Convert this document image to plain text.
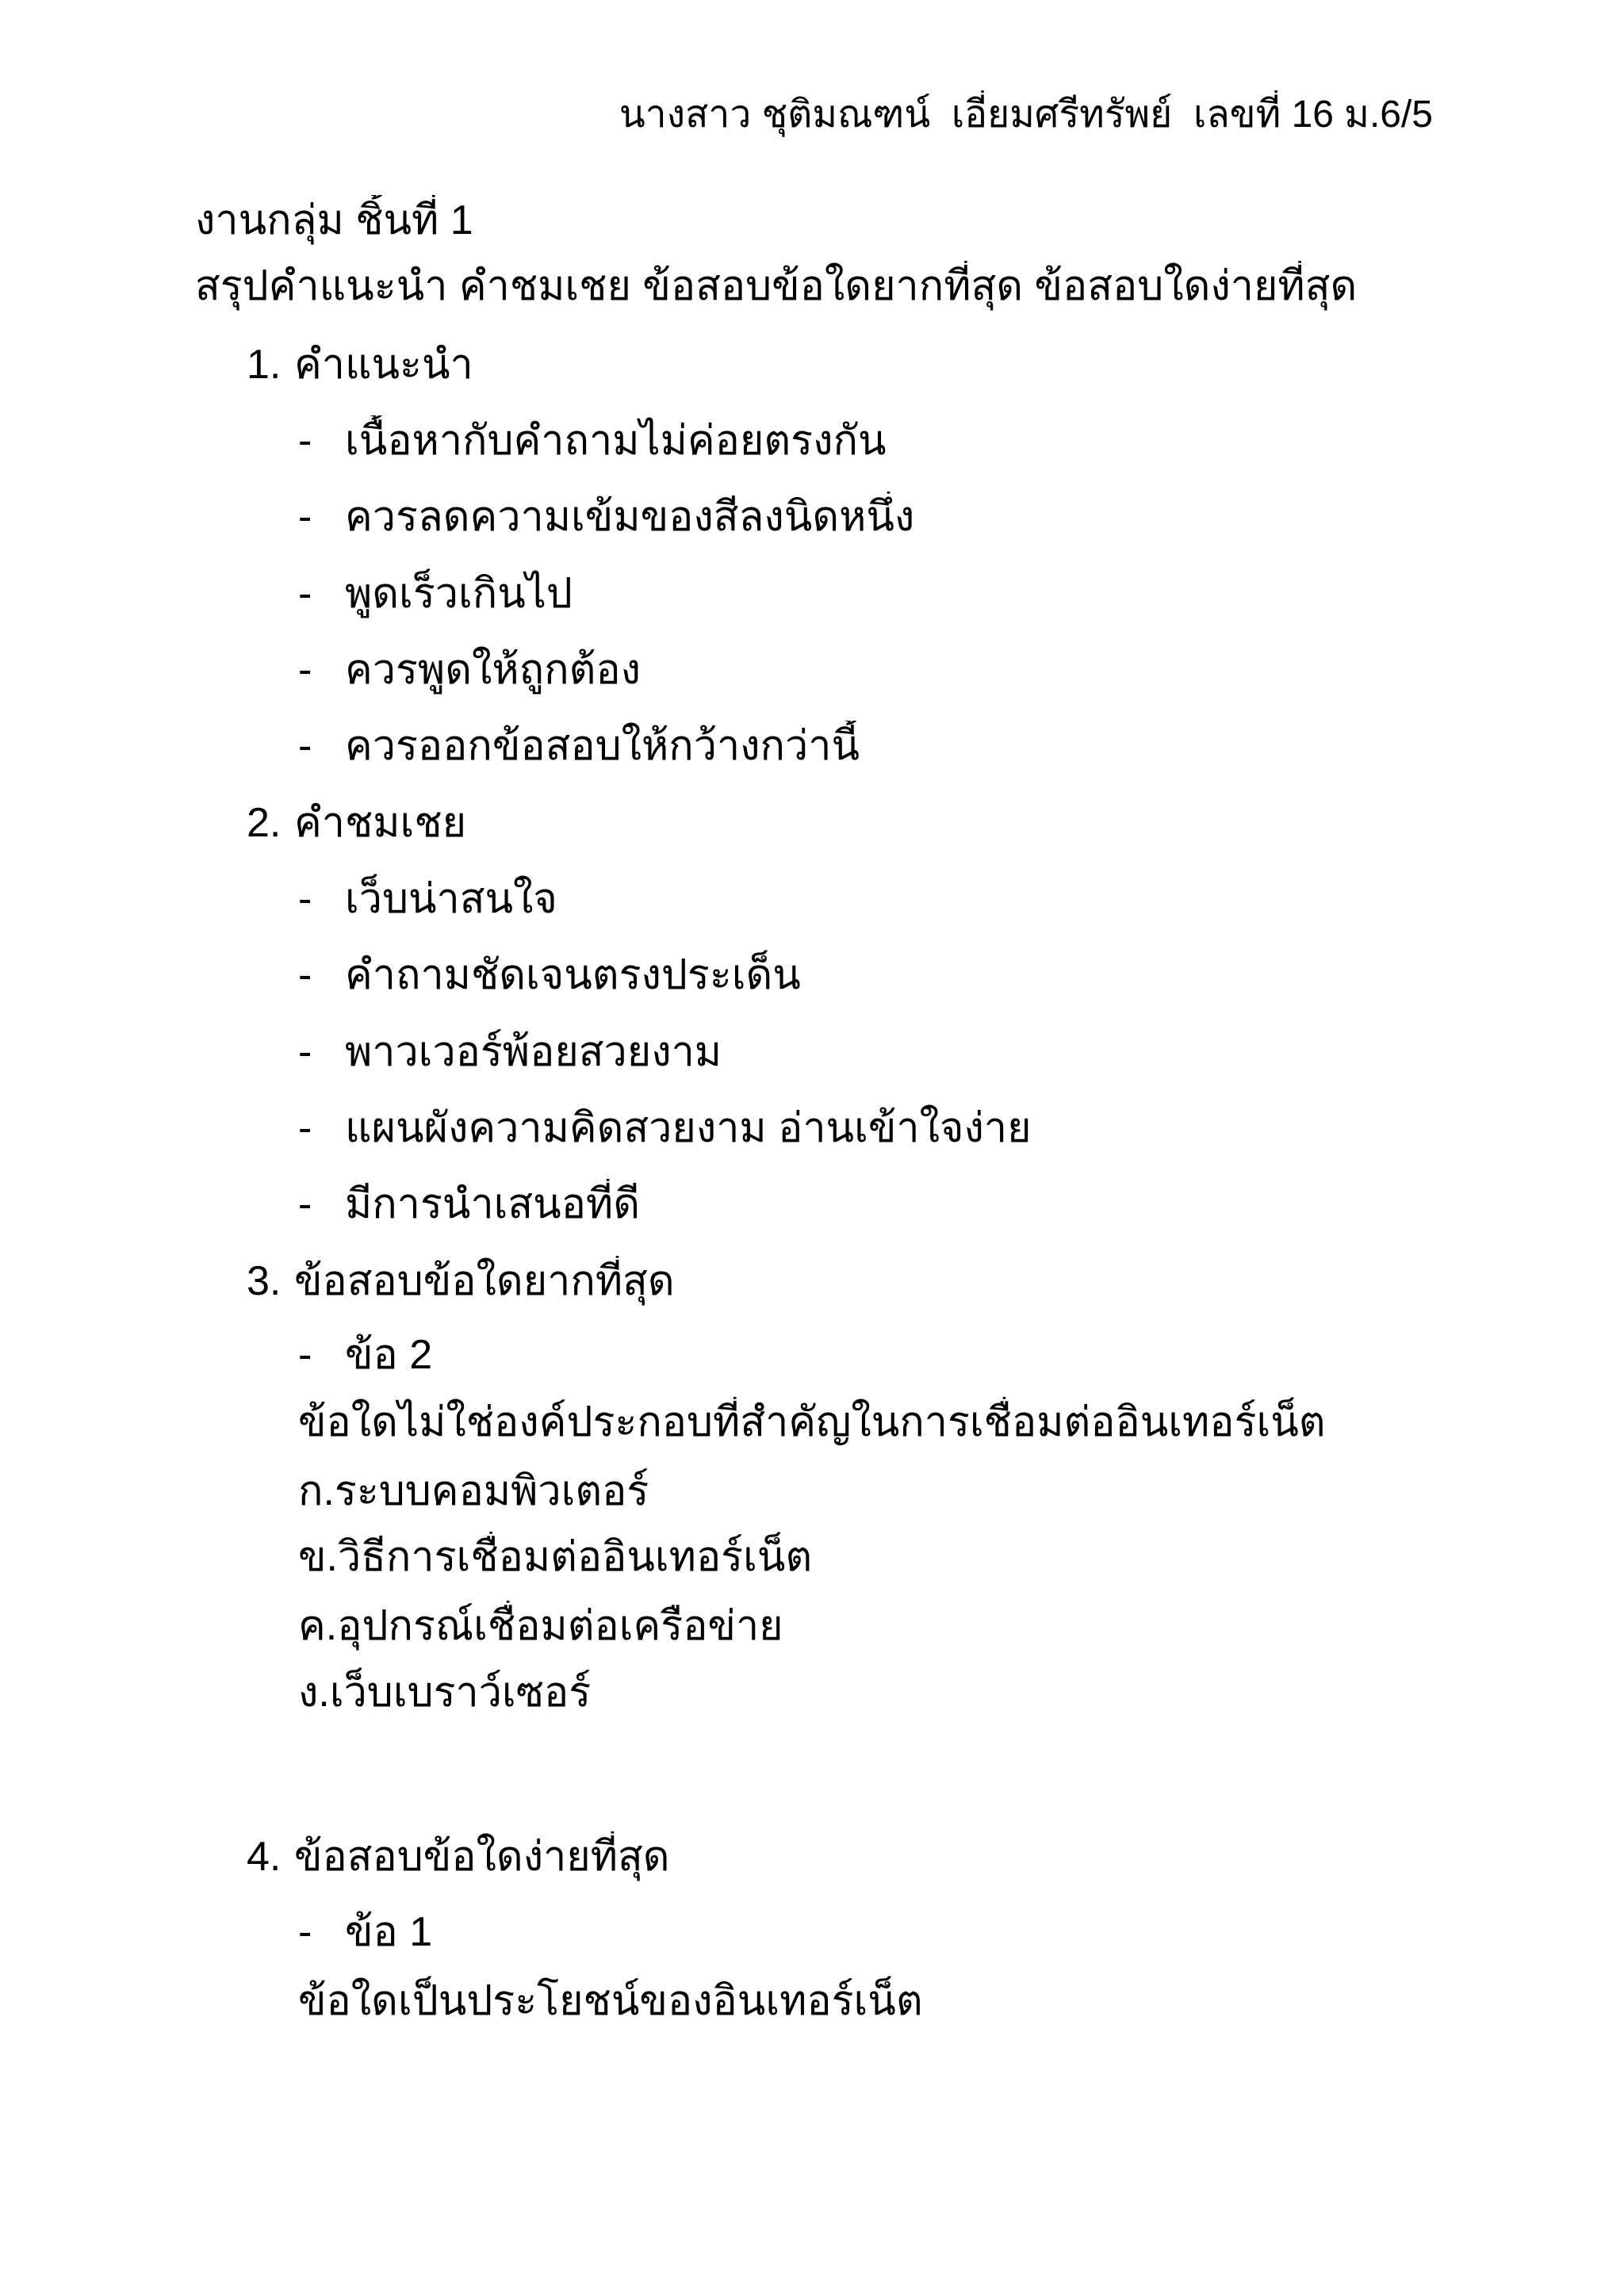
นางสาว ชุติมณฑน์  เอี่ยมศรีทรัพย์  เลขที่ 16 ม.6/5
งานกลุ่ม ชิ้นที่ 1
สรุปคำแนะนำ คำชมเชย ข้อสอบข้อใดยากที่สุด ข้อสอบใดง่ายที่สุด
1. คำแนะนำ
- เนื้อหากับคำถามไม่ค่อยตรงกัน
- ควรลดความเข้มของสีลงนิดหนึ่ง
- พูดเร็วเกินไป
- ควรพูดให้ถูกต้อง
- ควรออกข้อสอบให้กว้างกว่านี้
2. คำชมเชย
- เว็บน่าสนใจ
- คำถามชัดเจนตรงประเด็น
- พาวเวอร์พ้อยสวยงาม
- แผนผังความคิดสวยงาม อ่านเข้าใจง่าย
- มีการนำเสนอที่ดี
3. ข้อสอบข้อใดยากที่สุด
- ข้อ 2
ข้อใดไม่ใช่องค์ประกอบที่สำคัญในการเชื่อมต่ออินเทอร์เน็ต
ก.ระบบคอมพิวเตอร์
ข.วิธีการเชื่อมต่ออินเทอร์เน็ต
ค.อุปกรณ์เชื่อมต่อเครือข่าย
ง.เว็บเบราว์เซอร์
4. ข้อสอบข้อใดง่ายที่สุด
- ข้อ 1
ข้อใดเป็นประโยชน์ของอินเทอร์เน็ต
